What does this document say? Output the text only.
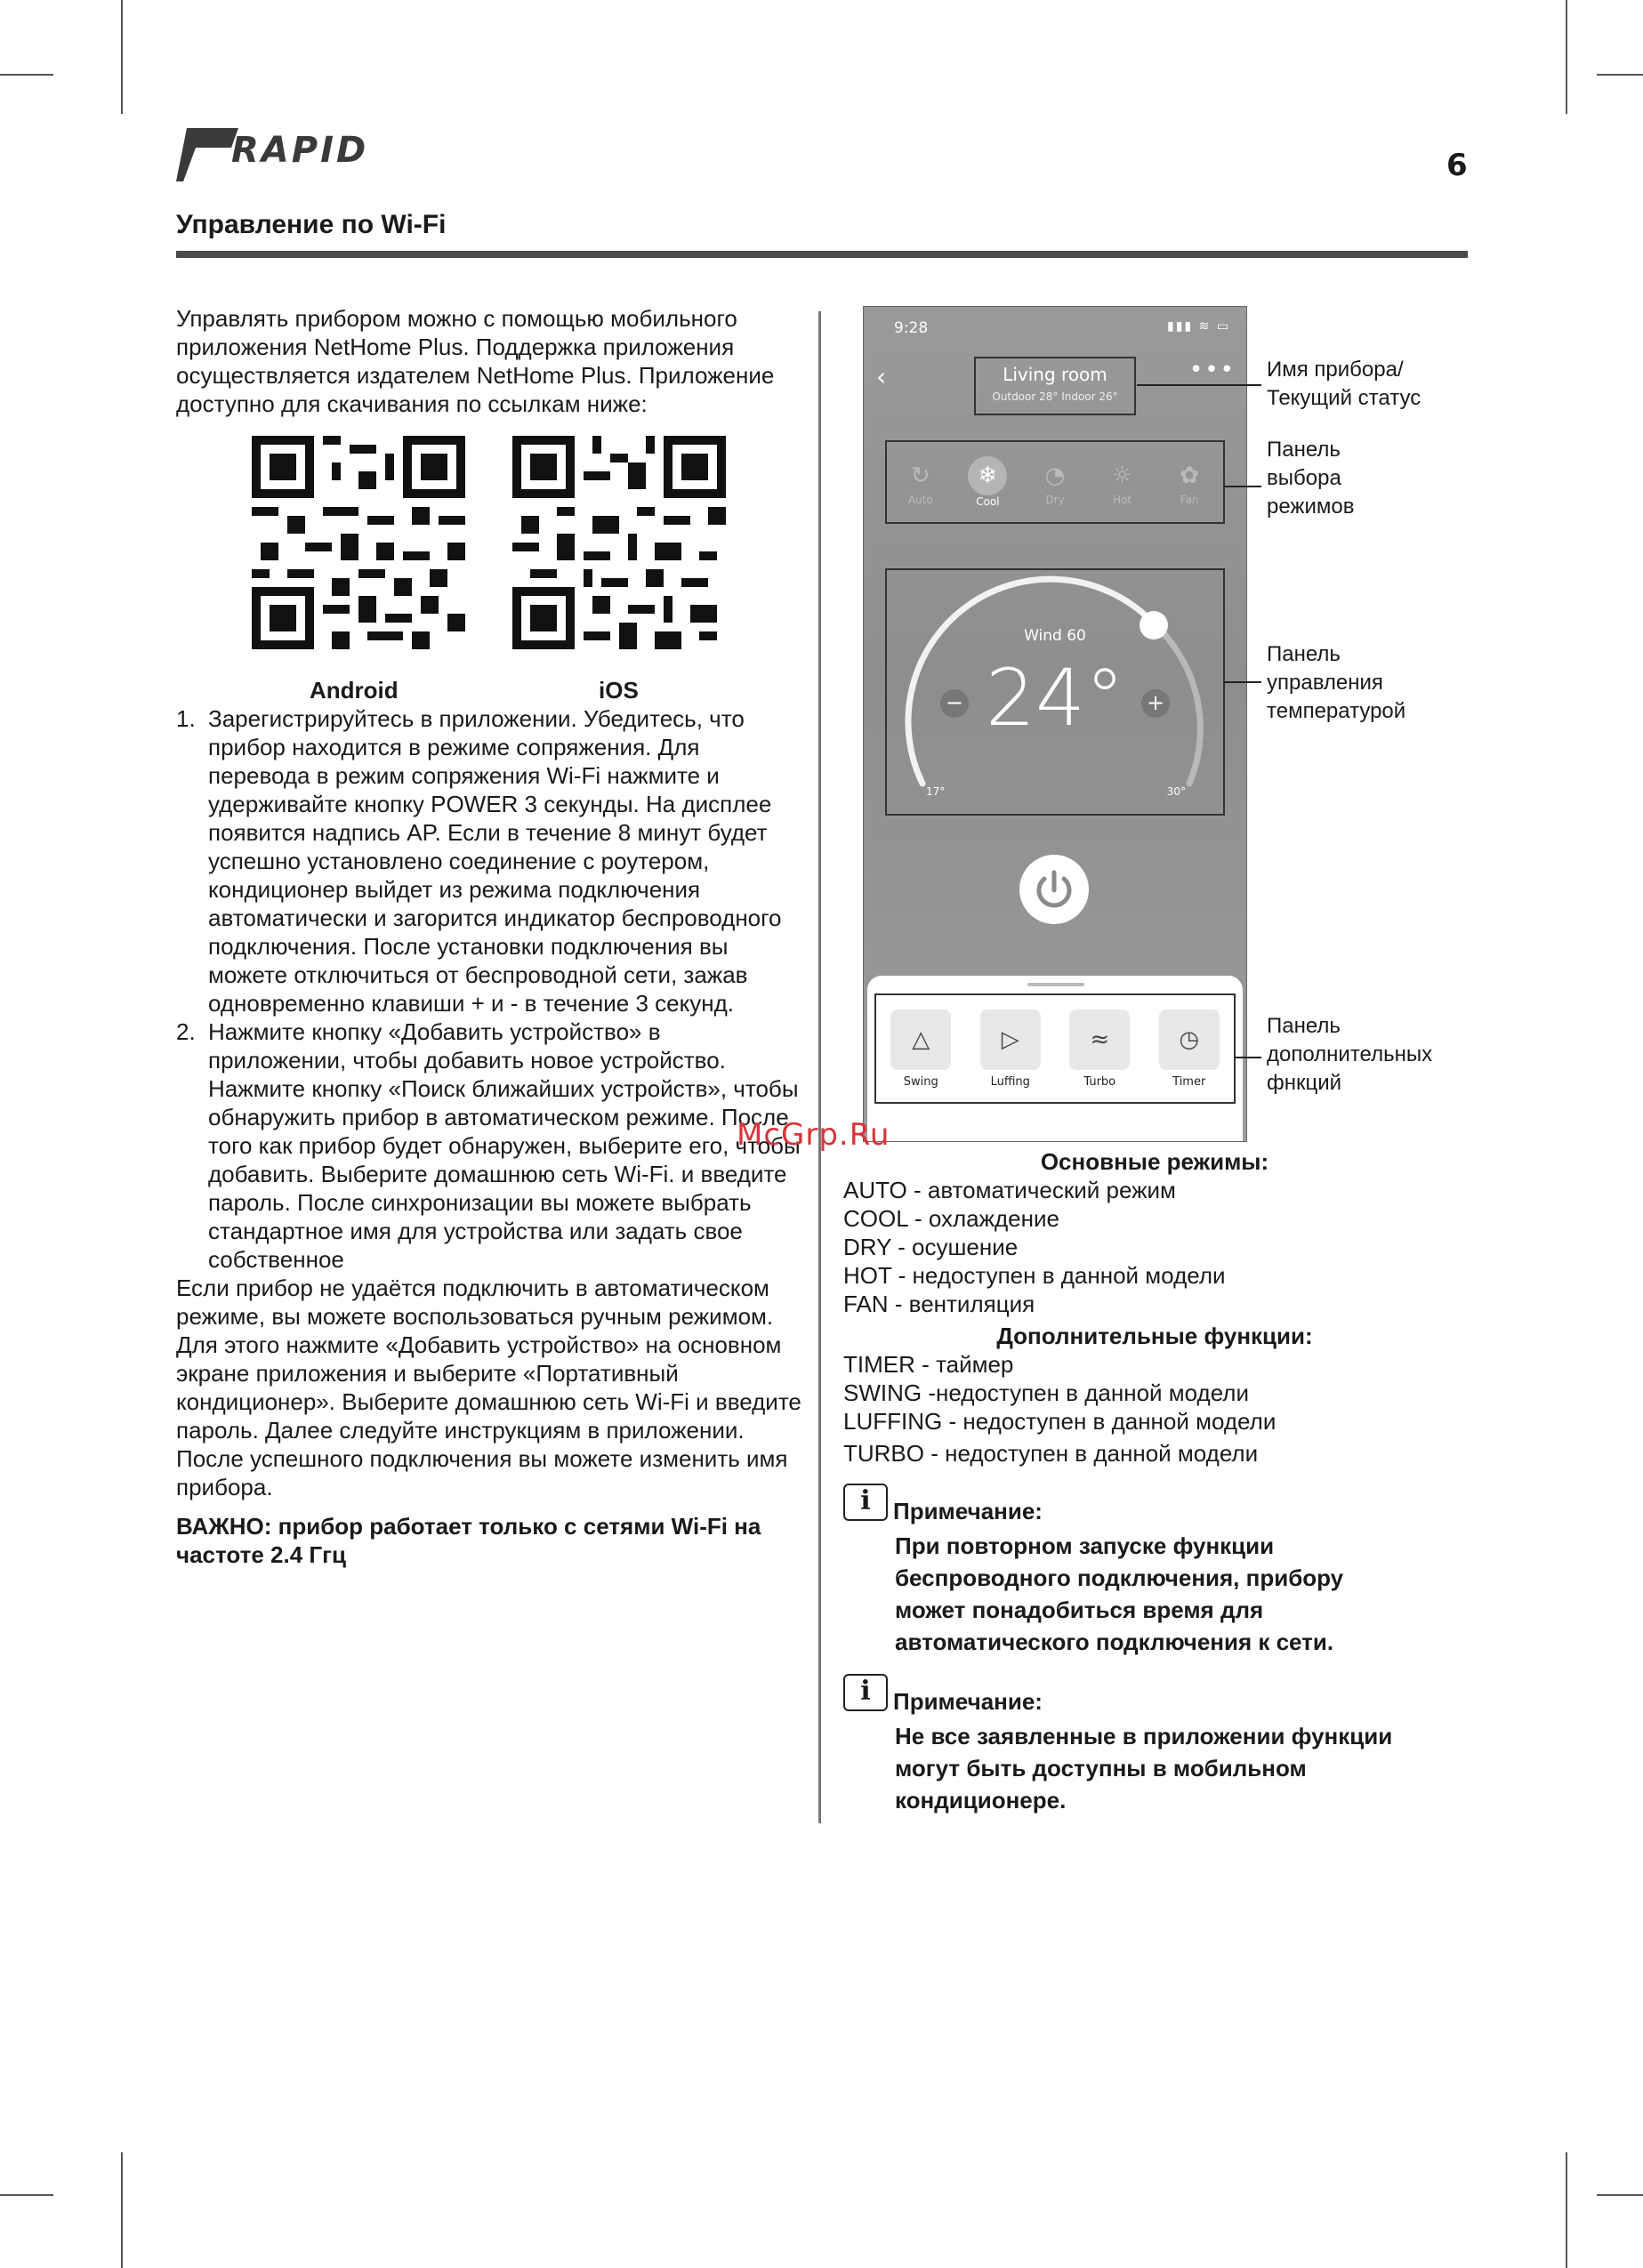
RAPID	6
Управление по Wi-Fi

Управлять прибором можно с помощью мобильного приложения NetHome Plus. Поддержка приложения осуществляется издателем NetHome Plus. Приложение доступно для скачивания по ссылкам ниже:

Android	iOS
1. Зарегистрируйтесь в приложении. Убедитесь, что прибор находится в режиме сопряжения. Для перевода в режим сопряжения Wi-Fi нажмите и удерживайте кнопку POWER 3 секунды. На дисплее появится надпись AP. Если в течение 8 минут будет успешно установлено соединение с роутером, кондиционер выйдет из режима подключения автоматически и загорится индикатор беспроводного подключения. После установки подключения вы можете отключиться от беспроводной сети, зажав одновременно клавиши + и - в течение 3 секунд.
2. Нажмите кнопку «Добавить устройство» в приложении, чтобы добавить новое устройство. Нажмите кнопку «Поиск ближайших устройств», чтобы обнаружить прибор в автоматическом режиме. После того как прибор будет обнаружен, выберите его, чтобы добавить. Выберите домашнюю сеть Wi-Fi. и введите пароль. После синхронизации вы можете выбрать стандартное имя для устройства или задать свое собственное

Если прибор не удаётся подключить в автоматическом режиме, вы можете воспользоваться ручным режимом. Для этого нажмите «Добавить устройство» на основном экране приложения и выберите «Портативный кондиционер». Выберите домашнюю сеть Wi-Fi и введите пароль. Далее следуйте инструкциям в приложении. После успешного подключения вы можете изменить имя прибора.

ВАЖНО: прибор работает только с сетями Wi-Fi на частоте 2.4 Ггц

9:28	▮▮▮ ≋ ▭
‹	•••
Living room
Outdoor 28° Indoor 26°
↻
Auto
❄
Cool
◔
Dry
☼
Hot
✿
Fan
Wind 60
24°
−	+
17°	30°
△
Swing
▷
Luffing
≈
Turbo
◷
Timer
Имя прибора/ Текущий статус
Панель выбора режимов
Панель управления температурой
Панель дополнительных фнкций
McGrp.Ru
Основные режимы:
AUTO - автоматический режим
COOL - охлаждение
DRY - осушение
HOT - недоступен в данной модели
FAN - вентиляция
Дополнительные функции:
TIMER - таймер
SWING -недоступен в данной модели
LUFFING - недоступен в данной модели
TURBO - недоступен в данной модели
i Примечание:
При повторном запуске функции беспроводного подключения, прибору может понадобиться время для автоматического подключения к сети.
i Примечание:
Не все заявленные в приложении функции могут быть доступны в мобильном кондиционере.
